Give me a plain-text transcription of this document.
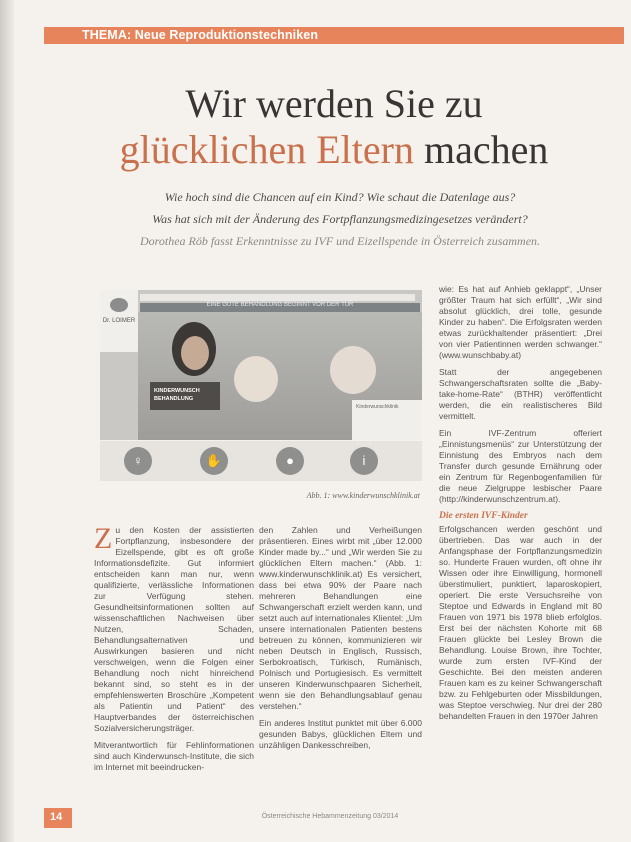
THEMA: Neue Reproduktionstechniken
Wir werden Sie zu
glücklichen Eltern machen
Wie hoch sind die Chancen auf ein Kind? Wie schaut die Datenlage aus?
Was hat sich mit der Änderung des Fortpflanzungsmedizingesetzes verändert?
Dorothea Röb fasst Erkenntnisse zu IVF und Eizellspende in Österreich zusammen.
Dr. LOIMER
EINE GUTE BEHANDLUNG BEGINNT VOR DER TÜR
KINDERWUNSCH BEHANDLUNG
Kinderwunschklinik
♀	✋	●	i
Abb. 1: www.kinderwunschklinik.at

Zu den Kosten der assistierten Fortpflanzung, insbesondere der Eizellspende, gibt es oft große Informationsdefizite. Gut informiert entscheiden kann man nur, wenn qualifizierte, verlässliche Informationen zur Verfügung stehen. Gesundheitsinformationen sollten auf wissenschaftlichen Nachweisen über Nutzen, Schaden, Behandlungsalternativen und Auswirkungen basieren und nicht verschweigen, wenn die Folgen einer Behandlung noch nicht hinreichend bekannt sind, so steht es in der empfehlenswerten Broschüre „Kompetent als Patientin und Patient“ des Hauptverbandes der österreichischen Sozialversicherungsträger.

Mitverantwortlich für Fehlinformationen sind auch Kinderwunsch-Institute, die sich im Internet mit beeindrucken-

den Zahlen und Verheißungen präsentieren. Eines wirbt mit „über 12.000 Kinder made by...“ und „Wir werden Sie zu glücklichen Eltern machen.“ (Abb. 1: www.kinderwunschklinik.at) Es versichert, dass bei etwa 90% der Paare nach mehreren Behandlungen eine Schwangerschaft erzielt werden kann, und setzt auch auf internationales Klientel: „Um unsere internationalen Patienten bestens betreuen zu können, kommunizieren wir neben Deutsch in Englisch, Russisch, Serbokroatisch, Türkisch, Rumänisch, Polnisch und Portugiesisch. Es vermittelt unseren Kinderwunschpaaren Sicherheit, wenn sie den Behandlungsablauf genau verstehen.“

Ein anderes Institut punktet mit über 6.000 gesunden Babys, glücklichen Eltern und unzähligen Dankesschreiben,

wie: Es hat auf Anhieb geklappt“, „Unser größter Traum hat sich erfüllt“, „Wir sind absolut glücklich, drei tolle, gesunde Kinder zu haben“. Die Erfolgsraten werden etwas zurückhaltender präsentiert: „Drei von vier Patientinnen werden schwanger.“ (www.wunschbaby.at)

Statt der angegebenen Schwangerschaftsraten sollte die „Baby-take-home-Rate“ (BTHR) veröffentlicht werden, die ein realistischeres Bild vermittelt.

Ein IVF-Zentrum offeriert „Einnistungsmenüs“ zur Unterstützung der Einnistung des Embryos nach dem Transfer durch gesunde Ernährung oder ein Zentrum für Regenbogenfamilien für die neue Zielgruppe lesbischer Paare (http://kinderwunschzentrum.at).

Die ersten IVF-Kinder

Erfolgschancen werden geschönt und übertrieben. Das war auch in der Anfangsphase der Fortpflanzungsmedizin so. Hunderte Frauen wurden, oft ohne ihr Wissen oder ihre Einwilligung, hormonell überstimuliert, punktiert, laparoskopiert, operiert. Die erste Versuchsreihe von Steptoe und Edwards in England mit 80 Frauen von 1971 bis 1978 blieb erfolglos. Erst bei der nächsten Kohorte mit 68 Frauen glückte bei Lesley Brown die Behandlung. Louise Brown, ihre Tochter, wurde zum ersten IVF-Kind der Geschichte. Bei den meisten anderen Frauen kam es zu keiner Schwangerschaft bzw. zu Fehlgeburten oder Missbildungen, was Steptoe verschwieg. Nur drei der 280 behandelten Frauen in den 1970er Jahren

14	Österreichische Hebammenzeitung 03/2014
